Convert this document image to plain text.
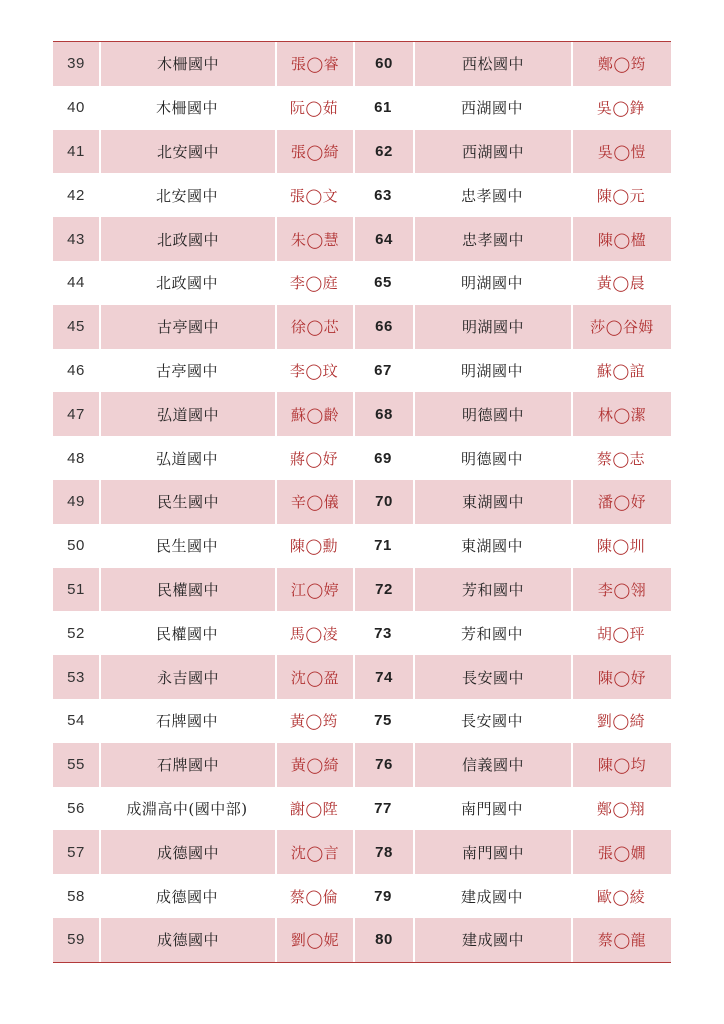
39	木柵國中	張◯睿	60	西松國中	鄭◯筠
40	木柵國中	阮◯茹	61	西湖國中	吳◯錚
41	北安國中	張◯綺	62	西湖國中	吳◯愷
42	北安國中	張◯文	63	忠孝國中	陳◯元
43	北政國中	朱◯慧	64	忠孝國中	陳◯楹
44	北政國中	李◯庭	65	明湖國中	黃◯晨
45	古亭國中	徐◯芯	66	明湖國中	莎◯谷姆
46	古亭國中	李◯玟	67	明湖國中	蘇◯誼
47	弘道國中	蘇◯齡	68	明德國中	林◯潔
48	弘道國中	蔣◯妤	69	明德國中	蔡◯志
49	民生國中	辛◯儀	70	東湖國中	潘◯妤
50	民生國中	陳◯勳	71	東湖國中	陳◯圳
51	民權國中	江◯婷	72	芳和國中	李◯翎
52	民權國中	馬◯凌	73	芳和國中	胡◯玶
53	永吉國中	沈◯盈	74	長安國中	陳◯妤
54	石牌國中	黃◯筠	75	長安國中	劉◯綺
55	石牌國中	黃◯綺	76	信義國中	陳◯均
56	成淵高中(國中部)	謝◯陞	77	南門國中	鄭◯翔
57	成德國中	沈◯言	78	南門國中	張◯嫺
58	成德國中	蔡◯倫	79	建成國中	歐◯綾
59	成德國中	劉◯妮	80	建成國中	蔡◯龍
